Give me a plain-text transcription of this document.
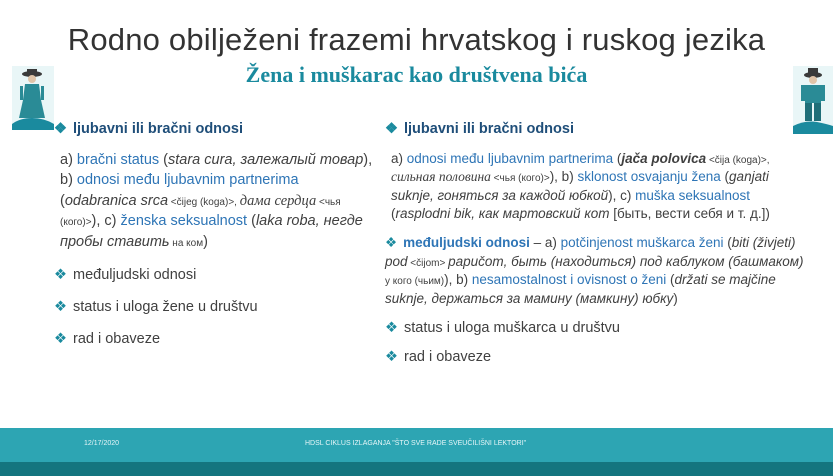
Rodno obilježeni frazemi hrvatskog i ruskog jezika
Žena i muškarac kao društvena bića
❖ ljubavni ili bračni odnosi
a) bračni status (stara cura, залежалый товар), b) odnosi među ljubavnim partnerima (odabranica srca <čijeg (koga)>, дама сердца <чья (кого)>), c) ženska seksualnost (laka roba, негде пробы ставить на ком)
❖ međuljudski odnosi
❖ status i uloga žene u društvu
❖ rad i obaveze
❖ ljubavni ili bračni odnosi
a) odnosi među ljubavnim partnerima (jača polovica <čija (koga)>, сильная половина <чья (кого)>), b) sklonost osvajanju žena (ganjati suknje, гоняться за каждой юбкой), c) muška seksualnost (rasplodni bik, как мартовский кот [быть, вести себя и т. д.])
❖ međuljudski odnosi – a) potčinjenost muškarca ženi (biti (živjeti) pod <čijom> papučom, быть (находиться) под каблуком (башмаком) у кого (чьим)), b) nesamostalnost i ovisnost o ženi (držati se majčine suknje, держаться за мамину (мамкину) юбку)
❖ status i uloga muškarca u društvu
❖ rad i obaveze
12/17/2020	HDSL CIKLUS IZLAGANJA "ŠTO SVE RADE SVEUČILIŠNI LEKTORI"
